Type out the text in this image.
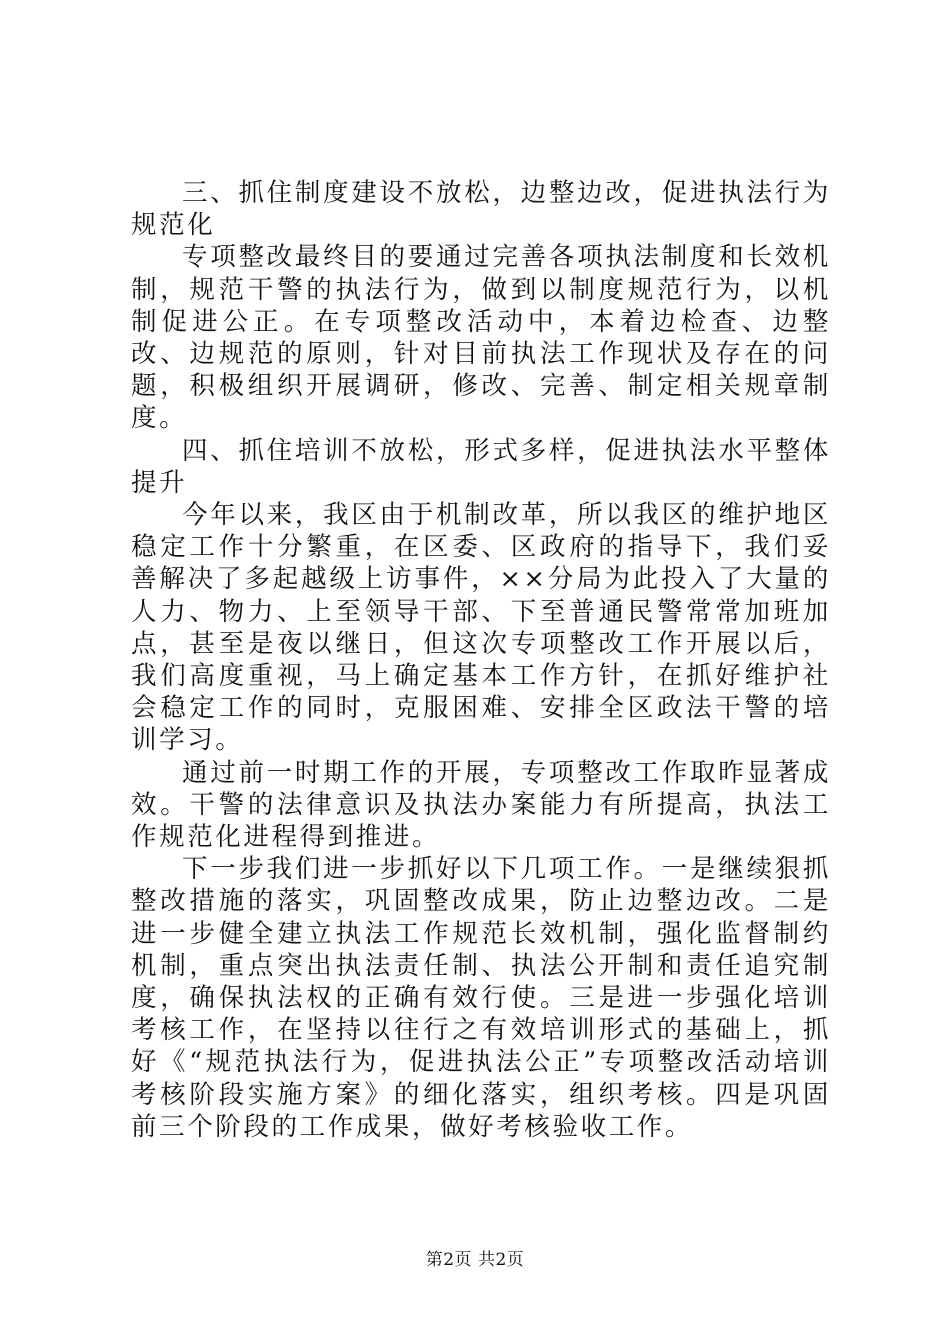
三、抓住制度建设不放松，边整边改，促进执法行为规范化

专项整改最终目的要通过完善各项执法制度和长效机制，规范干警的执法行为，做到以制度规范行为，以机制促进公正。在专项整改活动中，本着边检查、边整改、边规范的原则，针对目前执法工作现状及存在的问题，积极组织开展调研，修改、完善、制定相关规章制度。

四、抓住培训不放松，形式多样，促进执法水平整体提升

今年以来，我区由于机制改革，所以我区的维护地区稳定工作十分繁重，在区委、区政府的指导下，我们妥善解决了多起越级上访事件，××分局为此投入了大量的人力、物力、上至领导干部、下至普通民警常常加班加点，甚至是夜以继日，但这次专项整改工作开展以后，我们高度重视，马上确定基本工作方针，在抓好维护社会稳定工作的同时，克服困难、安排全区政法干警的培训学习。

通过前一时期工作的开展，专项整改工作取昨显著成效。干警的法律意识及执法办案能力有所提高，执法工作规范化进程得到推进。

下一步我们进一步抓好以下几项工作。一是继续狠抓整改措施的落实，巩固整改成果，防止边整边改。二是进一步健全建立执法工作规范长效机制，强化监督制约机制，重点突出执法责任制、执法公开制和责任追究制度，确保执法权的正确有效行使。三是进一步强化培训考核工作，在坚持以往行之有效培训形式的基础上，抓好《“规范执法行为，促进执法公正”专项整改活动培训考核阶段实施方案》的细化落实，组织考核。四是巩固前三个阶段的工作成果，做好考核验收工作。

第2页 共2页
